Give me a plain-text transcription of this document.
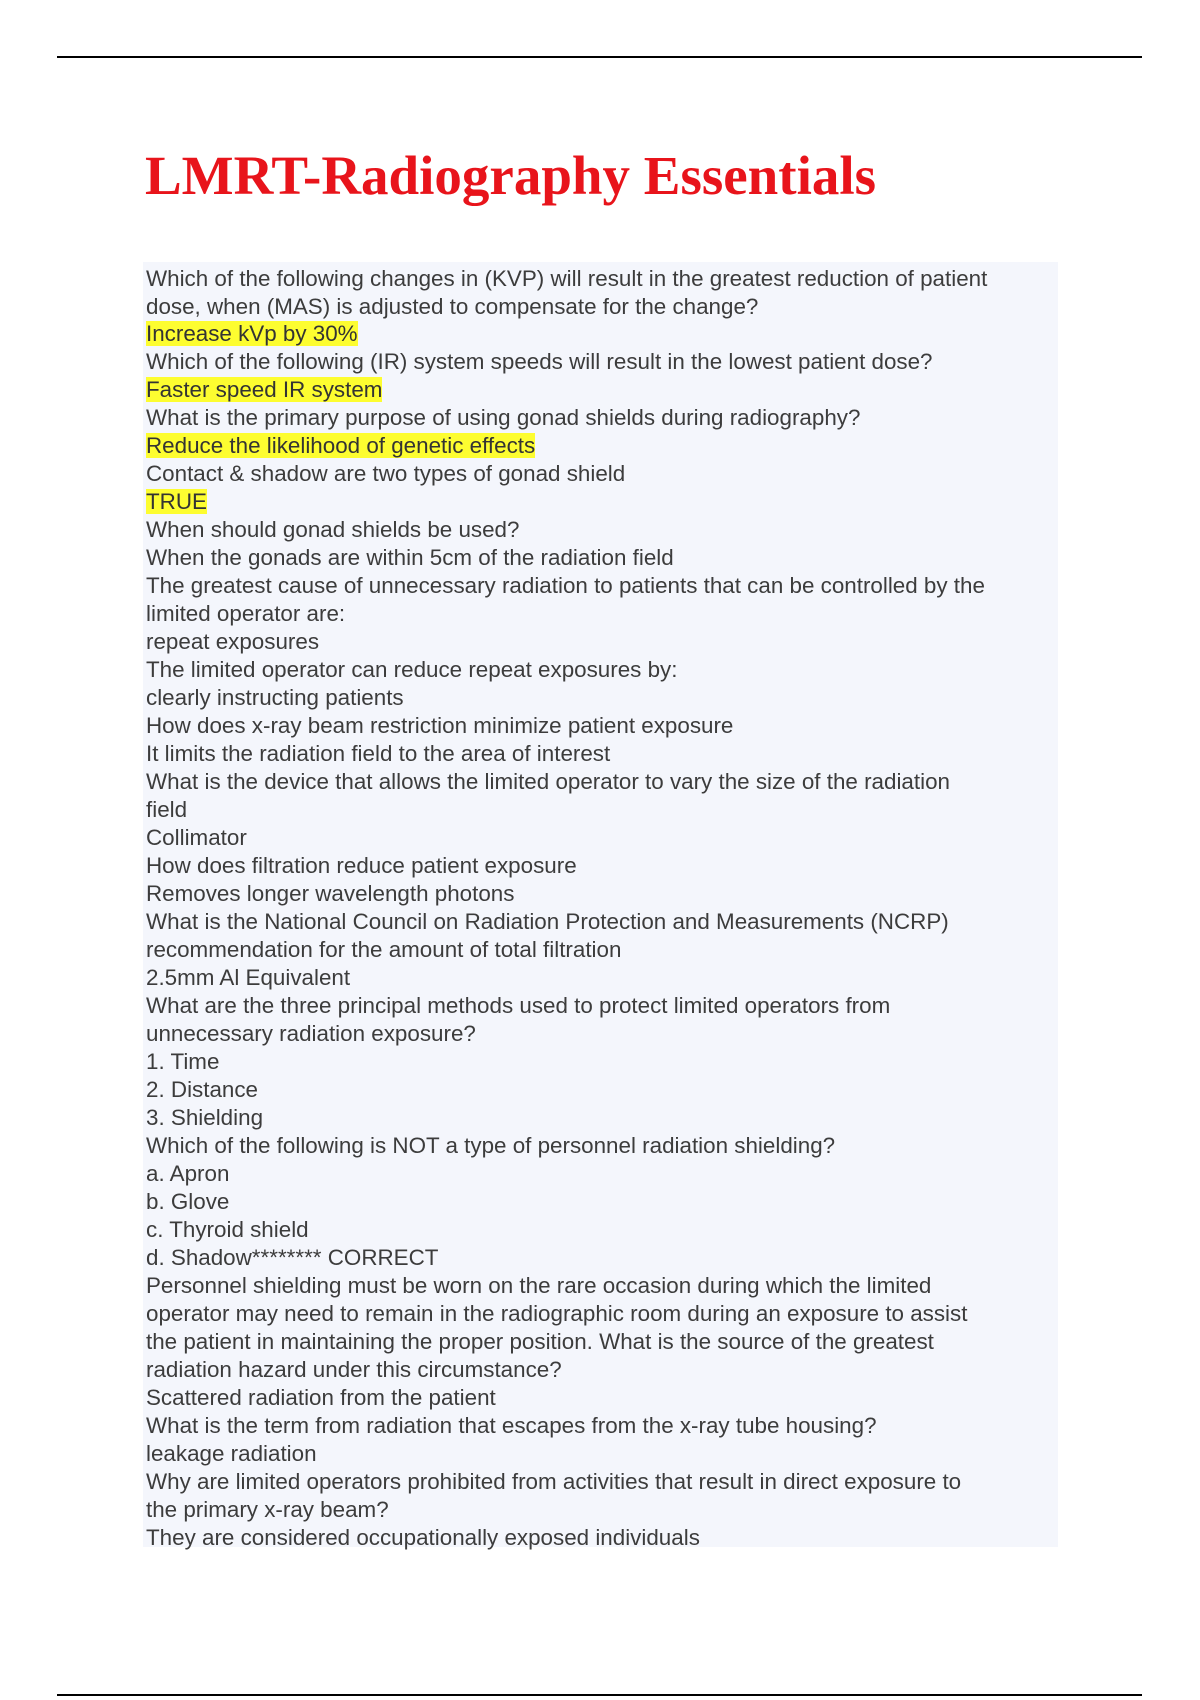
LMRT-Radiography Essentials
Which of the following changes in (KVP) will result in the greatest reduction of patient
dose, when (MAS) is adjusted to compensate for the change?
Increase kVp by 30%
Which of the following (IR) system speeds will result in the lowest patient dose?
Faster speed IR system
What is the primary purpose of using gonad shields during radiography?
Reduce the likelihood of genetic effects
Contact & shadow are two types of gonad shield
TRUE
When should gonad shields be used?
When the gonads are within 5cm of the radiation field
The greatest cause of unnecessary radiation to patients that can be controlled by the
limited operator are:
repeat exposures
The limited operator can reduce repeat exposures by:
clearly instructing patients
How does x-ray beam restriction minimize patient exposure
It limits the radiation field to the area of interest
What is the device that allows the limited operator to vary the size of the radiation
field
Collimator
How does filtration reduce patient exposure
Removes longer wavelength photons
What is the National Council on Radiation Protection and Measurements (NCRP)
recommendation for the amount of total filtration
2.5mm Al Equivalent
What are the three principal methods used to protect limited operators from
unnecessary radiation exposure?
1. Time
2. Distance
3. Shielding
Which of the following is NOT a type of personnel radiation shielding?
a. Apron
b. Glove
c. Thyroid shield
d. Shadow******** CORRECT
Personnel shielding must be worn on the rare occasion during which the limited
operator may need to remain in the radiographic room during an exposure to assist
the patient in maintaining the proper position. What is the source of the greatest
radiation hazard under this circumstance?
Scattered radiation from the patient
What is the term from radiation that escapes from the x-ray tube housing?
leakage radiation
Why are limited operators prohibited from activities that result in direct exposure to
the primary x-ray beam?
They are considered occupationally exposed individuals
